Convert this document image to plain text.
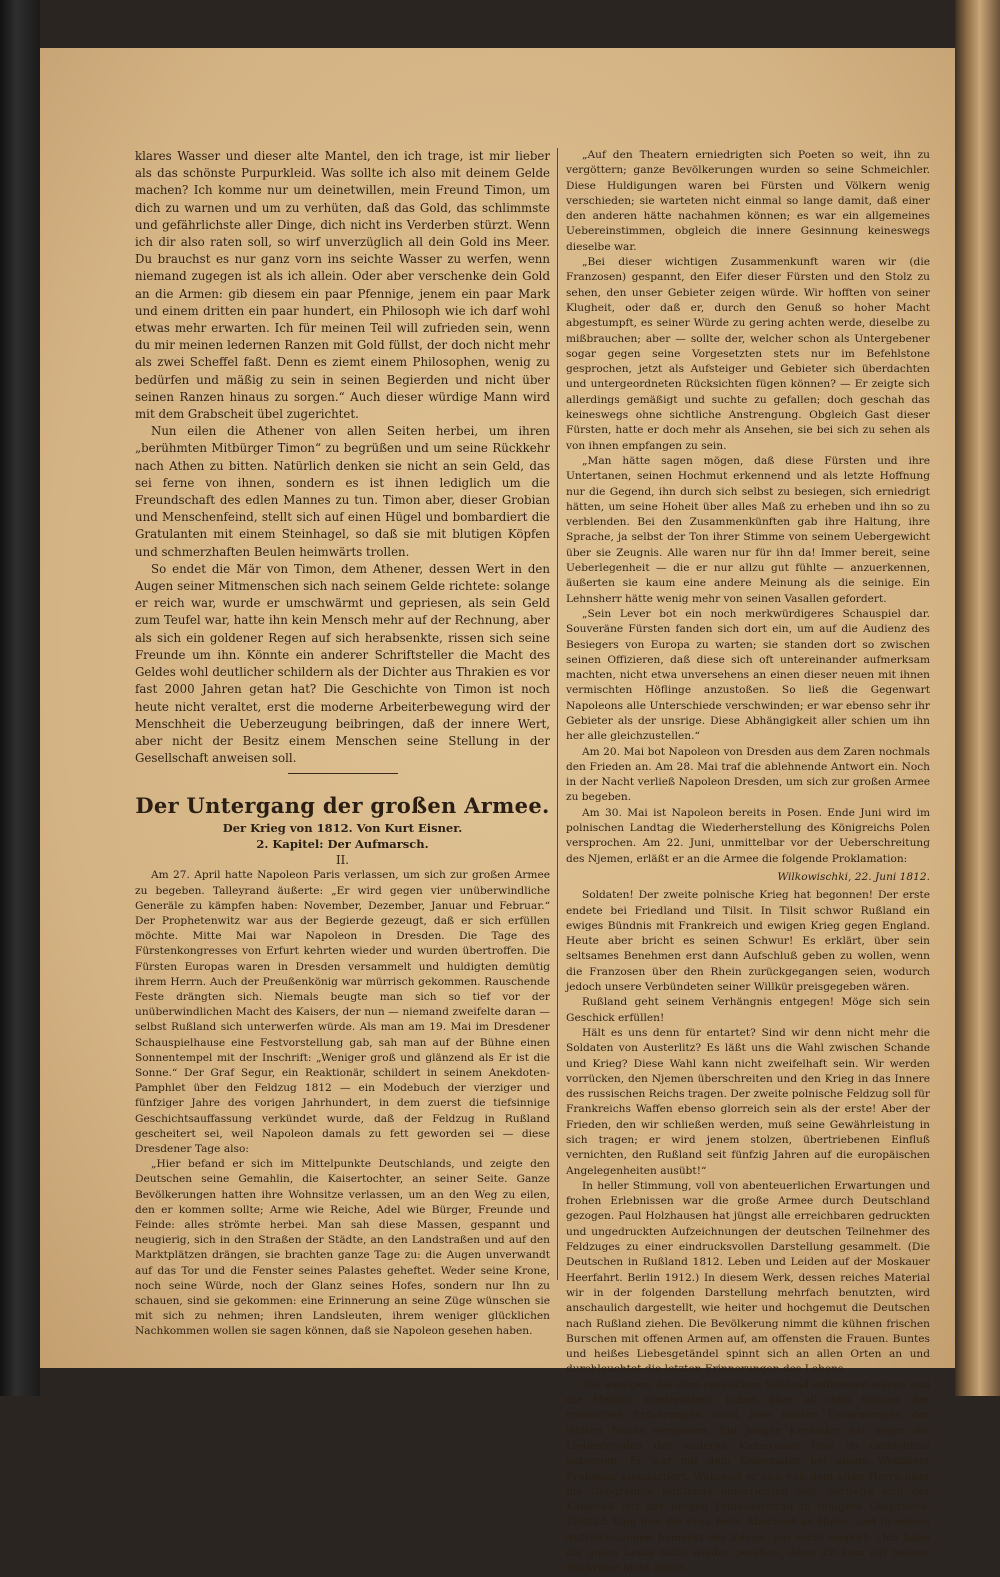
klares Wasser und dieser alte Mantel, den ich trage, ist mir lieber als das schönste Purpurkleid. Was sollte ich also mit deinem Gelde machen? Ich komme nur um deinetwillen, mein Freund Timon, um dich zu warnen und um zu verhüten, daß das Gold, das schlimmste und gefährlichste aller Dinge, dich nicht ins Verderben stürzt. Wenn ich dir also raten soll, so wirf unverzüglich all dein Gold ins Meer. Du brauchst es nur ganz vorn ins seichte Wasser zu werfen, wenn niemand zugegen ist als ich allein. Oder aber verschenke dein Gold an die Armen: gib diesem ein paar Pfennige, jenem ein paar Mark und einem dritten ein paar hundert, ein Philosoph wie ich darf wohl etwas mehr erwarten. Ich für meinen Teil will zufrieden sein, wenn du mir meinen ledernen Ranzen mit Gold füllst, der doch nicht mehr als zwei Scheffel faßt. Denn es ziemt einem Philosophen, wenig zu bedürfen und mäßig zu sein in seinen Begierden und nicht über seinen Ranzen hinaus zu sorgen.“ Auch dieser würdige Mann wird mit dem Grabscheit übel zugerichtet.

Nun eilen die Athener von allen Seiten herbei, um ihren „berühmten Mitbürger Timon“ zu begrüßen und um seine Rückkehr nach Athen zu bitten. Natürlich denken sie nicht an sein Geld, das sei ferne von ihnen, sondern es ist ihnen lediglich um die Freundschaft des edlen Mannes zu tun. Timon aber, dieser Grobian und Menschenfeind, stellt sich auf einen Hügel und bombardiert die Gratulanten mit einem Steinhagel, so daß sie mit blutigen Köpfen und schmerzhaften Beulen heimwärts trollen.

So endet die Mär von Timon, dem Athener, dessen Wert in den Augen seiner Mitmenschen sich nach seinem Gelde richtete: solange er reich war, wurde er umschwärmt und gepriesen, als sein Geld zum Teufel war, hatte ihn kein Mensch mehr auf der Rechnung, aber als sich ein goldener Regen auf sich herabsenkte, rissen sich seine Freunde um ihn. Könnte ein anderer Schriftsteller die Macht des Geldes wohl deutlicher schildern als der Dichter aus Thrakien es vor fast 2000 Jahren getan hat? Die Geschichte von Timon ist noch heute nicht veraltet, erst die moderne Arbeiterbewegung wird der Menschheit die Ueberzeugung beibringen, daß der innere Wert, aber nicht der Besitz einem Menschen seine Stellung in der Gesellschaft anweisen soll.

Der Untergang der großen Armee.
Der Krieg von 1812. Von Kurt Eisner.
2. Kapitel: Der Aufmarsch.
II.

Am 27. April hatte Napoleon Paris verlassen, um sich zur großen Armee zu begeben. Talleyrand äußerte: „Er wird gegen vier unüberwindliche Generäle zu kämpfen haben: November, Dezember, Januar und Februar.“ Der Prophetenwitz war aus der Begierde gezeugt, daß er sich erfüllen möchte. Mitte Mai war Napoleon in Dresden. Die Tage des Fürstenkongresses von Erfurt kehrten wieder und wurden übertroffen. Die Fürsten Europas waren in Dresden versammelt und huldigten demütig ihrem Herrn. Auch der Preußenkönig war mürrisch gekommen. Rauschende Feste drängten sich. Niemals beugte man sich so tief vor der unüberwindlichen Macht des Kaisers, der nun — niemand zweifelte daran — selbst Rußland sich unterwerfen würde. Als man am 19. Mai im Dresdener Schauspielhause eine Festvorstellung gab, sah man auf der Bühne einen Sonnentempel mit der Inschrift: „Weniger groß und glänzend als Er ist die Sonne.“ Der Graf Segur, ein Reaktionär, schildert in seinem Anekdoten-Pamphlet über den Feldzug 1812 — ein Modebuch der vierziger und fünfziger Jahre des vorigen Jahrhundert, in dem zuerst die tiefsinnige Geschichtsauffassung verkündet wurde, daß der Feldzug in Rußland gescheitert sei, weil Napoleon damals zu fett geworden sei — diese Dresdener Tage also:

„Hier befand er sich im Mittelpunkte Deutschlands, und zeigte den Deutschen seine Gemahlin, die Kaisertochter, an seiner Seite. Ganze Bevölkerungen hatten ihre Wohnsitze verlassen, um an den Weg zu eilen, den er kommen sollte; Arme wie Reiche, Adel wie Bürger, Freunde und Feinde: alles strömte herbei. Man sah diese Massen, gespannt und neugierig, sich in den Straßen der Städte, an den Landstraßen und auf den Marktplätzen drängen, sie brachten ganze Tage zu: die Augen unverwandt auf das Tor und die Fenster seines Palastes geheftet. Weder seine Krone, noch seine Würde, noch der Glanz seines Hofes, sondern nur Ihn zu schauen, sind sie gekommen: eine Erinnerung an seine Züge wünschen sie mit sich zu nehmen; ihren Landsleuten, ihrem weniger glücklichen Nachkommen wollen sie sagen können, daß sie Napoleon gesehen haben.

„Auf den Theatern erniedrigten sich Poeten so weit, ihn zu vergöttern; ganze Bevölkerungen wurden so seine Schmeichler. Diese Huldigungen waren bei Fürsten und Völkern wenig verschieden; sie warteten nicht einmal so lange damit, daß einer den anderen hätte nachahmen können; es war ein allgemeines Uebereinstimmen, obgleich die innere Gesinnung keineswegs dieselbe war.

„Bei dieser wichtigen Zusammenkunft waren wir (die Franzosen) gespannt, den Eifer dieser Fürsten und den Stolz zu sehen, den unser Gebieter zeigen würde. Wir hofften von seiner Klugheit, oder daß er, durch den Genuß so hoher Macht abgestumpft, es seiner Würde zu gering achten werde, dieselbe zu mißbrauchen; aber — sollte der, welcher schon als Untergebener sogar gegen seine Vorgesetzten stets nur im Befehlstone gesprochen, jetzt als Aufsteiger und Gebieter sich überdachten und untergeordneten Rücksichten fügen können? — Er zeigte sich allerdings gemäßigt und suchte zu gefallen; doch geschah das keineswegs ohne sichtliche Anstrengung. Obgleich Gast dieser Fürsten, hatte er doch mehr als Ansehen, sie bei sich zu sehen als von ihnen empfangen zu sein.

„Man hätte sagen mögen, daß diese Fürsten und ihre Untertanen, seinen Hochmut erkennend und als letzte Hoffnung nur die Gegend, ihn durch sich selbst zu besiegen, sich erniedrigt hätten, um seine Hoheit über alles Maß zu erheben und ihn so zu verblenden. Bei den Zusammenkünften gab ihre Haltung, ihre Sprache, ja selbst der Ton ihrer Stimme von seinem Uebergewicht über sie Zeugnis. Alle waren nur für ihn da! Immer bereit, seine Ueberlegenheit — die er nur allzu gut fühlte — anzuerkennen, äußerten sie kaum eine andere Meinung als die seinige. Ein Lehnsherr hätte wenig mehr von seinen Vasallen gefordert.

„Sein Lever bot ein noch merkwürdigeres Schauspiel dar. Souveräne Fürsten fanden sich dort ein, um auf die Audienz des Besiegers von Europa zu warten; sie standen dort so zwischen seinen Offizieren, daß diese sich oft untereinander aufmerksam machten, nicht etwa unversehens an einen dieser neuen mit ihnen vermischten Höflinge anzustoßen. So ließ die Gegenwart Napoleons alle Unterschiede verschwinden; er war ebenso sehr ihr Gebieter als der unsrige. Diese Abhängigkeit aller schien um ihn her alle gleichzustellen.“

Am 20. Mai bot Napoleon von Dresden aus dem Zaren nochmals den Frieden an. Am 28. Mai traf die ablehnende Antwort ein. Noch in der Nacht verließ Napoleon Dresden, um sich zur großen Armee zu begeben.

Am 30. Mai ist Napoleon bereits in Posen. Ende Juni wird im polnischen Landtag die Wiederherstellung des Königreichs Polen versprochen. Am 22. Juni, unmittelbar vor der Ueberschreitung des Njemen, erläßt er an die Armee die folgende Proklamation:

Wilkowischki, 22. Juni 1812.

Soldaten! Der zweite polnische Krieg hat begonnen! Der erste endete bei Friedland und Tilsit. In Tilsit schwor Rußland ein ewiges Bündnis mit Frankreich und ewigen Krieg gegen England. Heute aber bricht es seinen Schwur! Es erklärt, über sein seltsames Benehmen erst dann Aufschluß geben zu wollen, wenn die Franzosen über den Rhein zurückgegangen seien, wodurch jedoch unsere Verbündeten seiner Willkür preisgegeben wären.

Rußland geht seinem Verhängnis entgegen! Möge sich sein Geschick erfüllen!

Hält es uns denn für entartet? Sind wir denn nicht mehr die Soldaten von Austerlitz? Es läßt uns die Wahl zwischen Schande und Krieg? Diese Wahl kann nicht zweifelhaft sein. Wir werden vorrücken, den Njemen überschreiten und den Krieg in das Innere des russischen Reichs tragen. Der zweite polnische Feldzug soll für Frankreichs Waffen ebenso glorreich sein als der erste! Aber der Frieden, den wir schließen werden, muß seine Gewährleistung in sich tragen; er wird jenem stolzen, übertriebenen Einfluß vernichten, den Rußland seit fünfzig Jahren auf die europäischen Angelegenheiten ausübt!“

In heller Stimmung, voll von abenteuerlichen Erwartungen und frohen Erlebnissen war die große Armee durch Deutschland gezogen. Paul Holzhausen hat jüngst alle erreichbaren gedruckten und ungedruckten Aufzeichnungen der deutschen Teilnehmer des Feldzuges zu einer eindrucksvollen Darstellung gesammelt. (Die Deutschen in Rußland 1812. Leben und Leiden auf der Moskauer Heerfahrt. Berlin 1912.) In diesem Werk, dessen reiches Material wir in der folgenden Darstellung mehrfach benutzten, wird anschaulich dargestellt, wie heiter und hochgemut die Deutschen nach Rußland ziehen. Die Bevölkerung nimmt die kühnen frischen Burschen mit offenen Armen auf, am offensten die Frauen. Buntes und heißes Liebesgetändel spinnt sich an allen Orten an und durchleuchtet die letzten Erinnerungen des Lebens.

Die wenigen, die dem russischen Schlund entronnen waren und die Heimat wiedersahen, haben über all dem Grauen der russischen Erfahrungen nicht jene holden Umarmungen der letzten Nacht vergessen. Ein junger Krefelder hat sogar die Liebesfreuden der anderen Kameraden treu im Gedächtnis geborgen. Er war mit dem Kameraden bei einem Weimarer Professor einquartiert. Während er sich von dem alten Herrn über die Geographie Rußlands unterrichten ließ, vertiefte sich der Kamerad mit der jungen Professorsfrau in innigere Gespräche. Zärtlich hing ihm die Frau beim Abschied an Halse, und in seinen Aufzeichnungen bemerkt der Zeuge, gar nicht empört: „Ich habe die guten Leute nicht wieder gesehen, denn ich kam auf meiner Rückreise nicht durch
